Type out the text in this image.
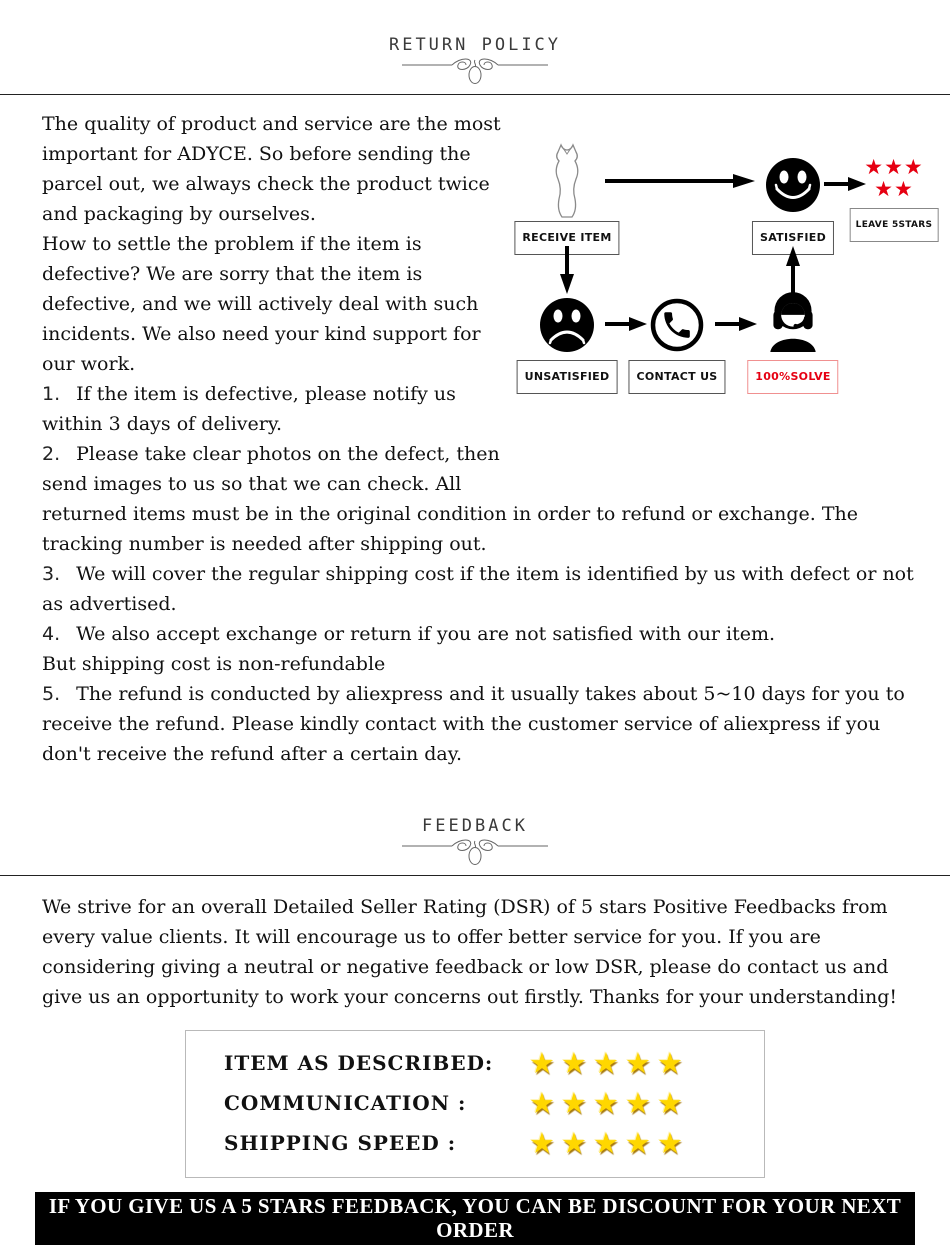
RETURN POLICY
RECEIVE ITEM	SATISFIED
★★★
★★
LEAVE 5STARS
UNSATISFIED	CONTACT US	100%SOLVE

The quality of product and service are the most important for ADYCE. So before sending the parcel out, we always check the product twice and packaging by ourselves.

How to settle the problem if the item is defective? We are sorry that the item is defective, and we will actively deal with such incidents. We also need your kind support for our work.

1. If the item is defective, please notify us within 3 days of delivery.

2. Please take clear photos on the defect, then send images to us so that we can check. All returned items must be in the original condition in order to refund or exchange. The tracking number is needed after shipping out.

3. We will cover the regular shipping cost if the item is identified by us with defect or not as advertised.

4. We also accept exchange or return if you are not satisfied with our item.

But shipping cost is non-refundable

5. The refund is conducted by aliexpress and it usually takes about 5~10 days for you to receive the refund. Please kindly contact with the customer service of aliexpress if you don't receive the refund after a certain day.

FEEDBACK

We strive for an overall Detailed Seller Rating (DSR) of 5 stars Positive Feedbacks from every value clients. It will encourage us to offer better service for you. If you are considering giving a neutral or negative feedback or low DSR, please do contact us and give us an opportunity to work your concerns out firstly. Thanks for your understanding!

ITEM AS DESCRIBED:	★★★★★
COMMUNICATION :	★★★★★
SHIPPING SPEED :	★★★★★
IF YOU GIVE US A 5 STARS FEEDBACK, YOU CAN BE DISCOUNT FOR YOUR NEXT ORDER
